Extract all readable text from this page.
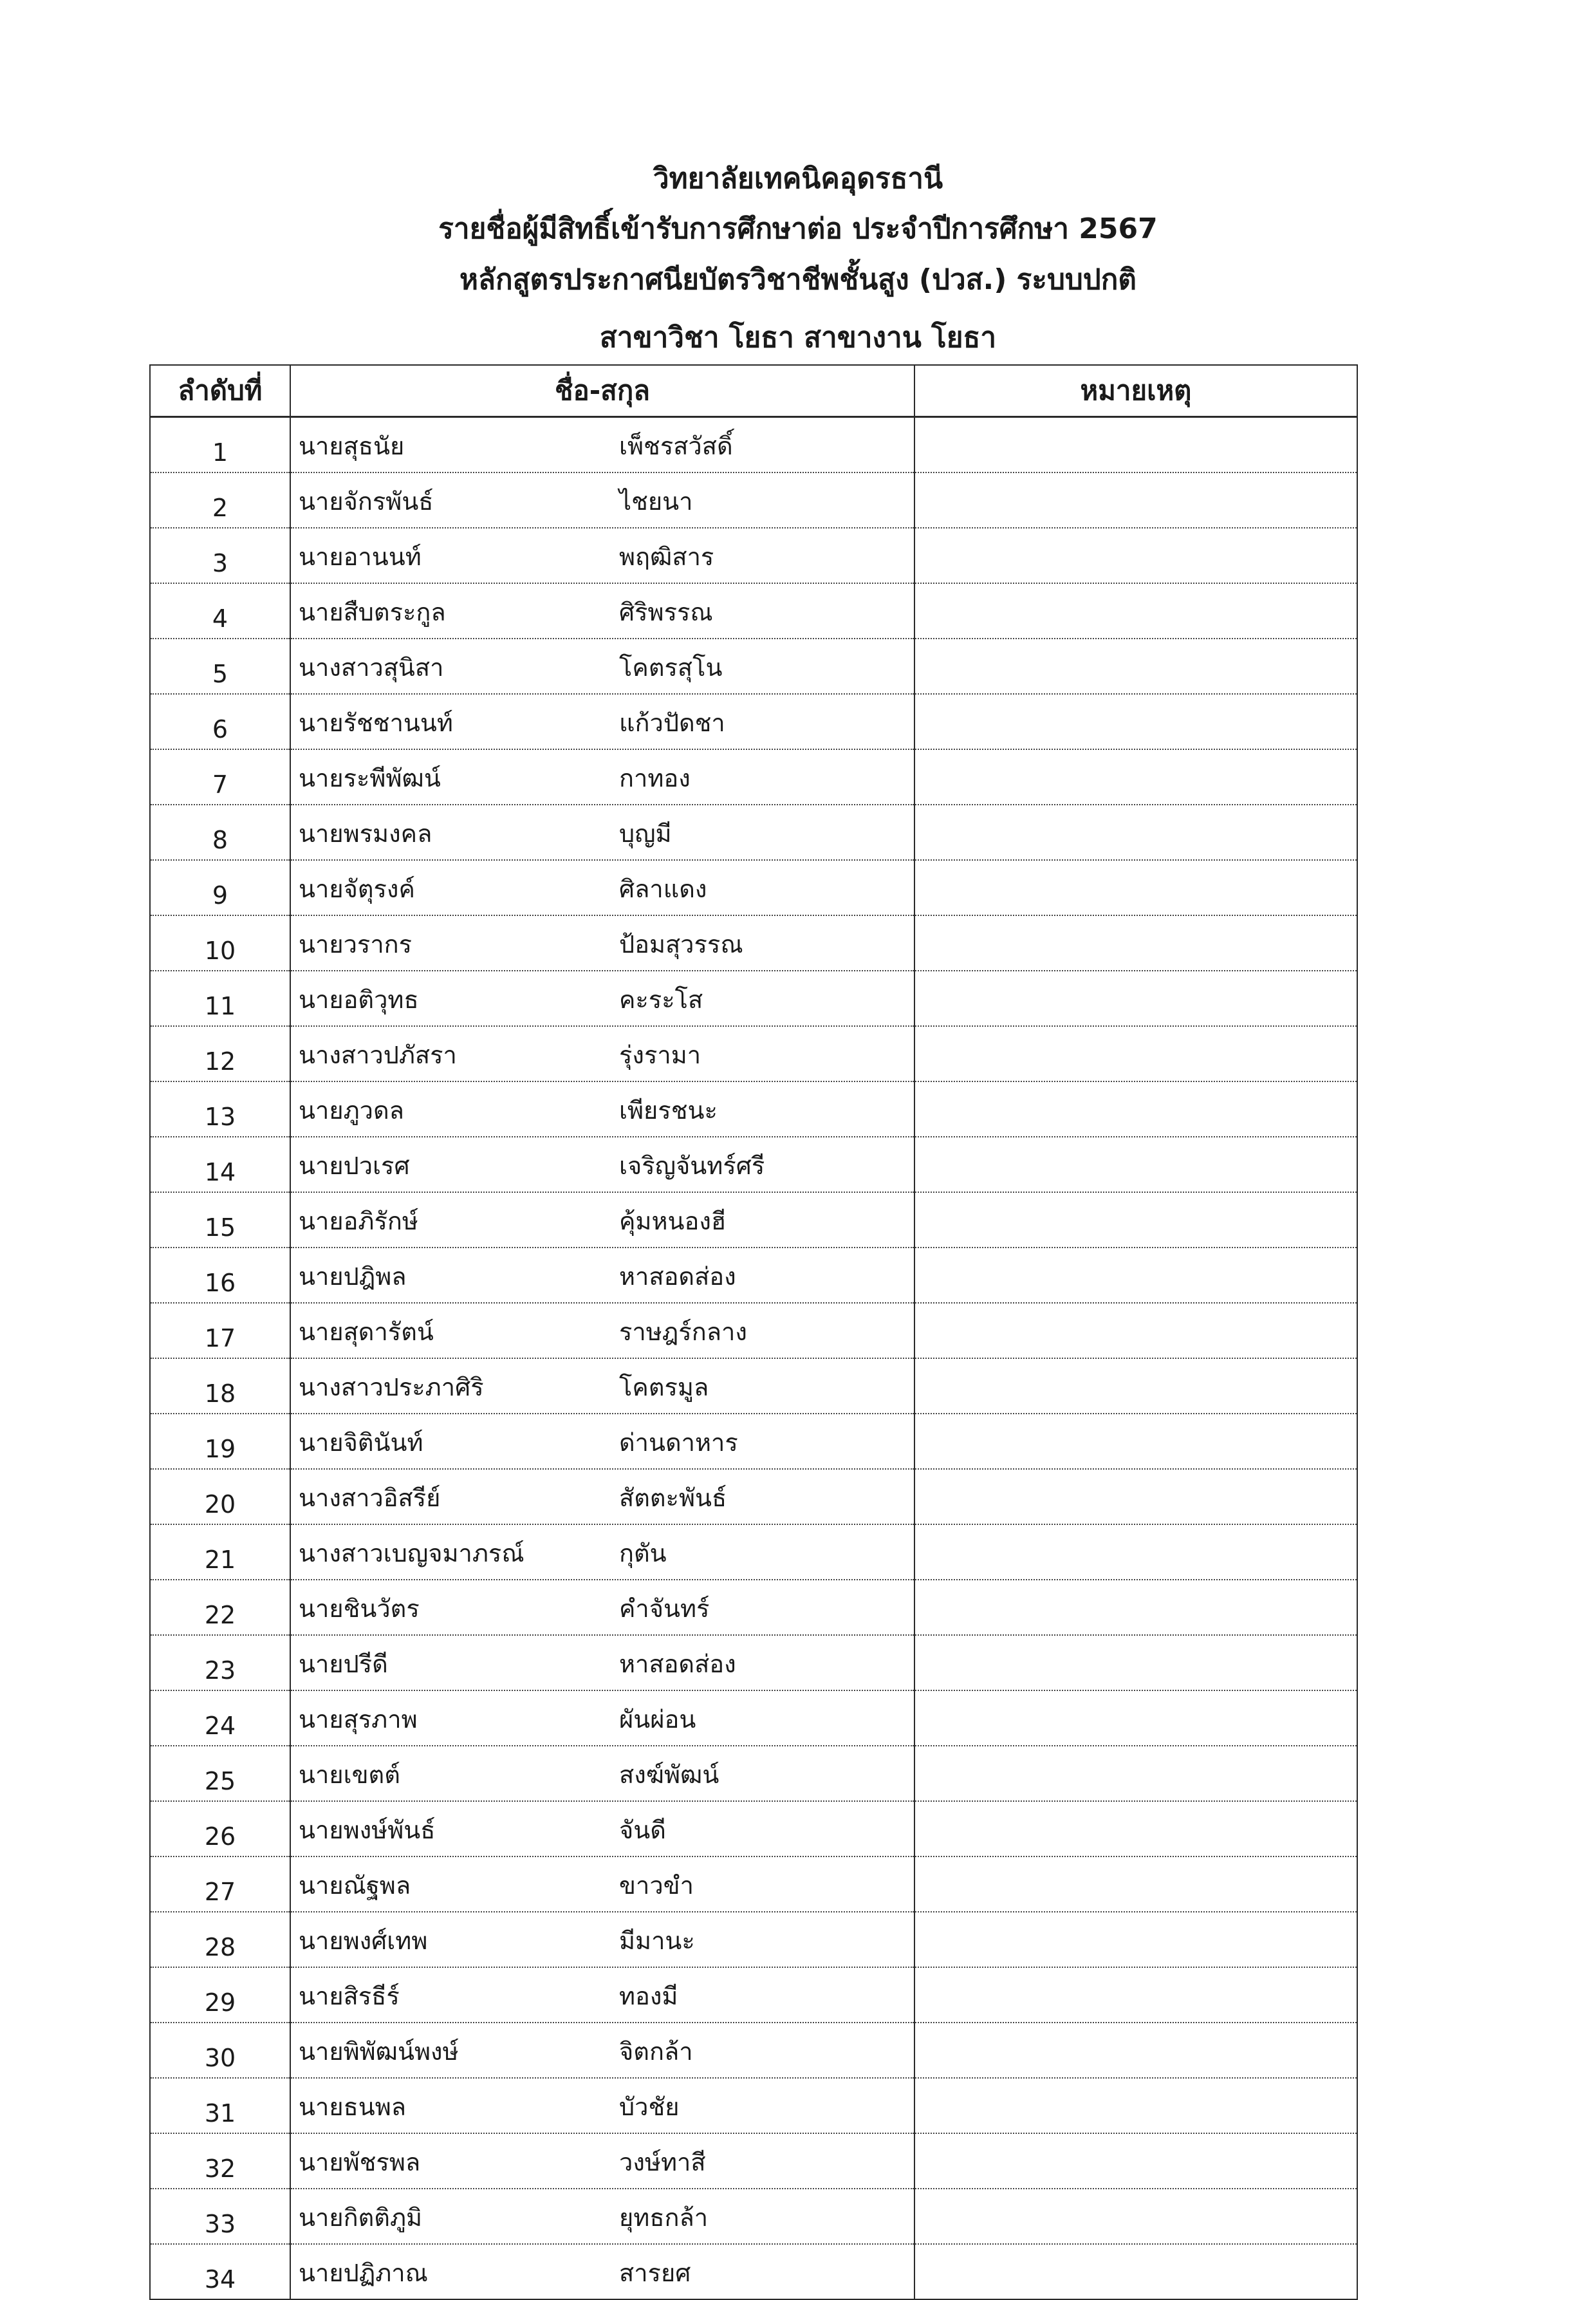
วิทยาลัยเทคนิคอุดรธานี
รายชื่อผู้มีสิทธิ์เข้ารับการศึกษาต่อ ประจำปีการศึกษา 2567
หลักสูตรประกาศนียบัตรวิชาชีพชั้นสูง (ปวส.) ระบบปกติ
สาขาวิชา โยธา สาขางาน โยธา
ลำดับที่	ชื่อ-สกุล	หมายเหตุ
1	นายสุธนัย เพ็ชรสวัสดิ์	

2	นายจักรพันธ์ ไชยนา	

3	นายอานนท์ พฤฒิสาร	

4	นายสืบตระกูล ศิริพรรณ	

5	นางสาวสุนิสา โคตรสุโน	

6	นายรัชชานนท์ แก้วปัดชา	

7	นายระพีพัฒน์ กาทอง	

8	นายพรมงคล บุญมี	

9	นายจัตุรงค์ ศิลาแดง	

10	นายวรากร ป้อมสุวรรณ	

11	นายอติวุทธ คะระโส	

12	นางสาวปภัสรา รุ่งรามา	

13	นายภูวดล เพียรชนะ	

14	นายปวเรศ เจริญจันทร์ศรี	

15	นายอภิรักษ์ คุ้มหนองฮี	

16	นายปฎิพล หาสอดส่อง	

17	นายสุดารัตน์ ราษฎร์กลาง	

18	นางสาวประภาศิริ โคตรมูล	

19	นายจิตินันท์ ด่านดาหาร	

20	นางสาวอิสรีย์ สัตตะพันธ์	

21	นางสาวเบญจมาภรณ์ กุตัน	

22	นายชินวัตร คำจันทร์	

23	นายปรีดี หาสอดส่อง	

24	นายสุรภาพ ผันผ่อน	

25	นายเขตต์ สงฆ์พัฒน์	

26	นายพงษ์พันธ์ จันดี	

27	นายณัฐพล ขาวขำ	

28	นายพงศ์เทพ มีมานะ	

29	นายสิรธีร์ ทองมี	

30	นายพิพัฒน์พงษ์ จิตกล้า	

31	นายธนพล บัวชัย	

32	นายพัชรพล วงษ์ทาสี	

33	นายกิตติภูมิ ยุทธกล้า	

34	นายปฏิภาณ สารยศ	
